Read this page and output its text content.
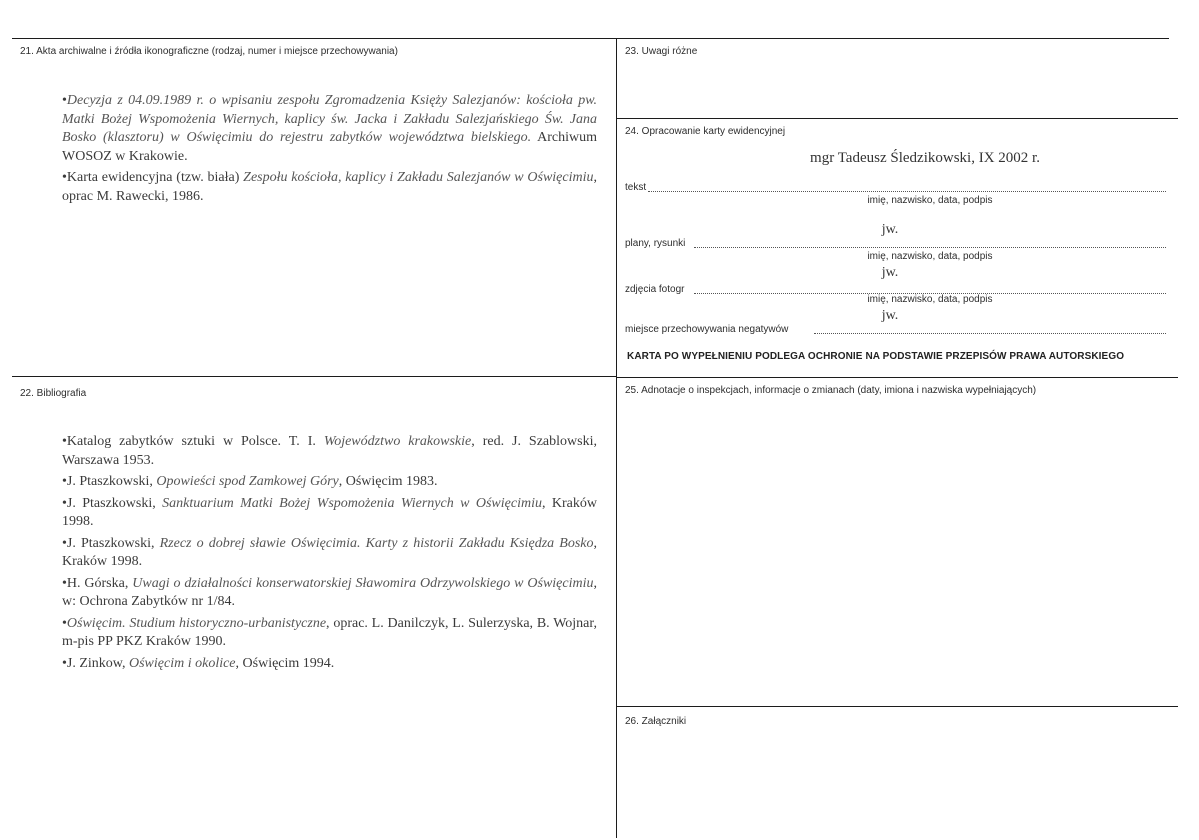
21. Akta archiwalne i źródła ikonograficzne (rodzaj, numer i miejsce przechowywania)

•Decyzja z 04.09.1989 r. o wpisaniu zespołu Zgromadzenia Księży Salezjanów: kościoła pw. Matki Bożej Wspomożenia Wiernych, kaplicy św. Jacka i Zakładu Salezjańskiego Św. Jana Bosko (klasztoru) w Oświęcimiu do rejestru zabytków województwa bielskiego. Archiwum WOSOZ w Krakowie.

•Karta ewidencyjna (tzw. biała) Zespołu kościoła, kaplicy i Zakładu Salezjanów w Oświęcimiu, oprac M. Rawecki, 1986.

22. Bibliografia

•Katalog zabytków sztuki w Polsce. T. I. Województwo krakowskie, red. J. Szablowski, Warszawa 1953.

•J. Ptaszkowski, Opowieści spod Zamkowej Góry, Oświęcim 1983.

•J. Ptaszkowski, Sanktuarium Matki Bożej Wspomożenia Wiernych w Oświęcimiu, Kraków 1998.

•J. Ptaszkowski, Rzecz o dobrej sławie Oświęcimia. Karty z historii Zakładu Księdza Bosko, Kraków 1998.

•H. Górska, Uwagi o działalności konserwatorskiej Sławomira Odrzywolskiego w Oświęcimiu, w: Ochrona Zabytków nr 1/84.

•Oświęcim. Studium historyczno-urbanistyczne, oprac. L. Danilczyk, L. Sulerzyska, B. Wojnar, m-pis PP PKZ Kraków 1990.

•J. Zinkow, Oświęcim i okolice, Oświęcim 1994.

23. Uwagi różne
24. Opracowanie karty ewidencyjnej
mgr Tadeusz Śledzikowski, IX 2002 r.
tekst
imię, nazwisko, data, podpis
jw.
plany, rysunki
imię, nazwisko, data, podpis
jw.
zdjęcia fotogr
imię, nazwisko, data, podpis
jw.
miejsce przechowywania negatywów
KARTA PO WYPEŁNIENIU PODLEGA OCHRONIE NA PODSTAWIE PRZEPISÓW PRAWA AUTORSKIEGO
25. Adnotacje o inspekcjach, informacje o zmianach (daty, imiona i nazwiska wypełniających)
26. Załączniki
